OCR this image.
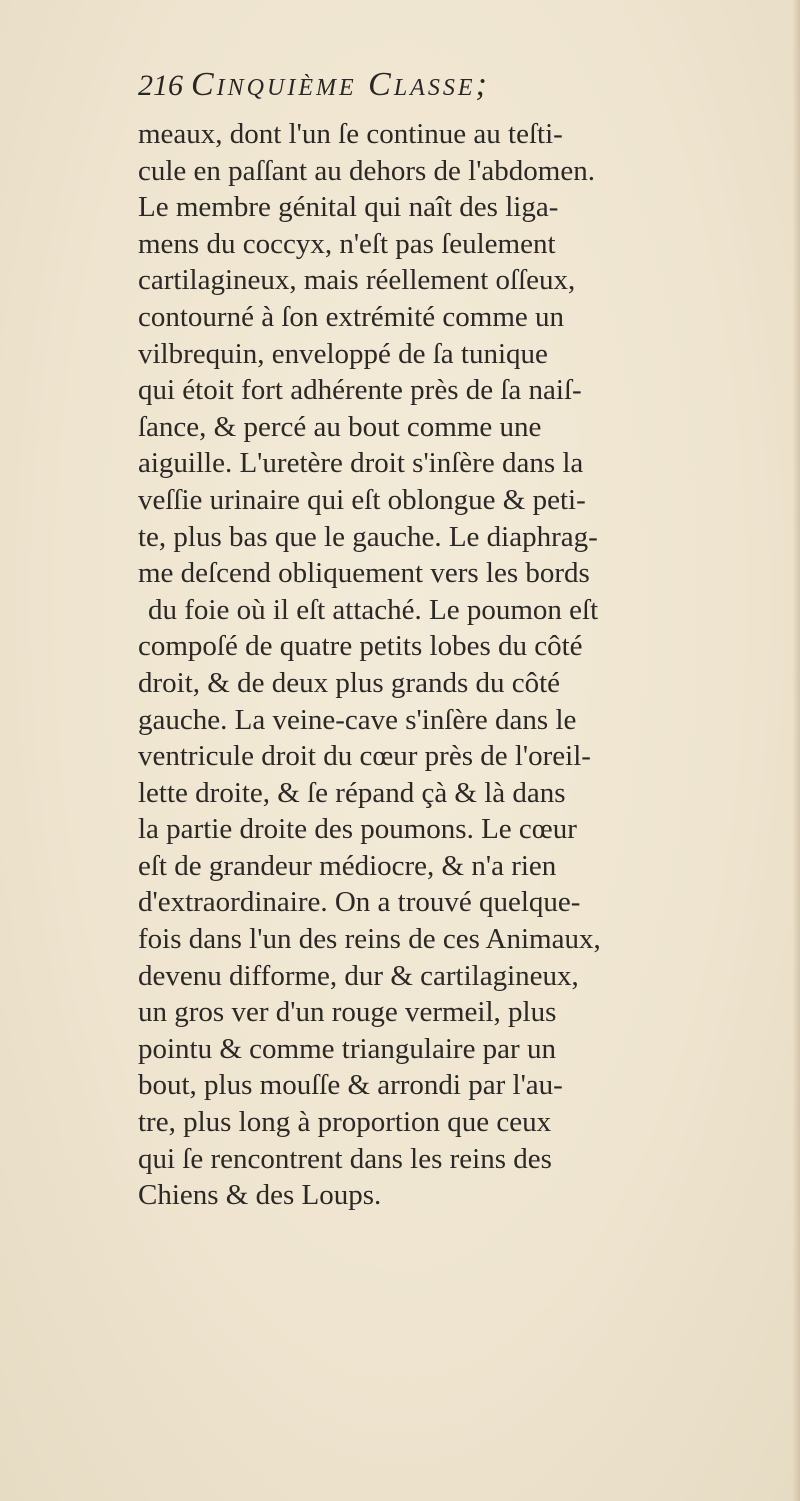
216 Cinquième Classe;
meaux, dont l'un ſe continue au teſti-
cule en paſſant au dehors de l'abdomen.
Le membre génital qui naît des liga-
mens du coccyx, n'eſt pas ſeulement
cartilagineux, mais réellement oſſeux,
contourné à ſon extrémité comme un
vilbrequin, enveloppé de ſa tunique
qui étoit fort adhérente près de ſa naiſ-
ſance, & percé au bout comme une
aiguille. L'uretère droit s'inſère dans la
veſſie urinaire qui eſt oblongue & peti-
te, plus bas que le gauche. Le diaphrag-
me deſcend obliquement vers les bords
du foie où il eſt attaché. Le poumon eſt
compoſé de quatre petits lobes du côté
droit, & de deux plus grands du côté
gauche. La veine-cave s'inſère dans le
ventricule droit du cœur près de l'oreil-
lette droite, & ſe répand çà & là dans
la partie droite des poumons. Le cœur
eſt de grandeur médiocre, & n'a rien
d'extraordinaire. On a trouvé quelque-
fois dans l'un des reins de ces Animaux,
devenu difforme, dur & cartilagineux,
un gros ver d'un rouge vermeil, plus
pointu & comme triangulaire par un
bout, plus mouſſe & arrondi par l'au-
tre, plus long à proportion que ceux
qui ſe rencontrent dans les reins des
Chiens & des Loups.
